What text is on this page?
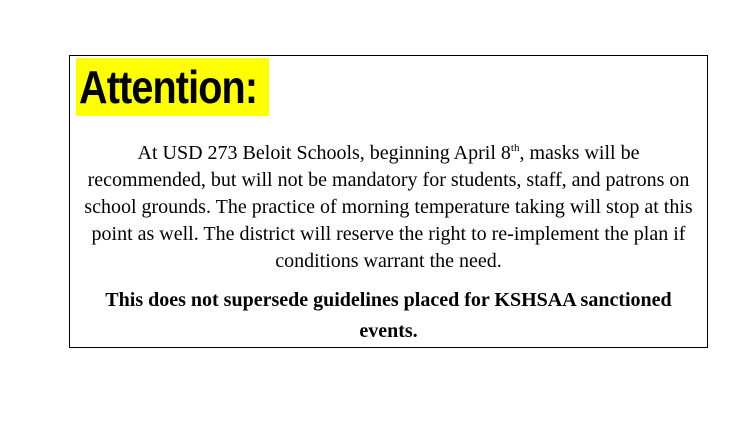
Attention:

At USD 273 Beloit Schools, beginning April 8th, masks will be recommended, but will not be mandatory for students, staff, and patrons on school grounds. The practice of morning temperature taking will stop at this point as well. The district will reserve the right to re-implement the plan if conditions warrant the need.

This does not supersede guidelines placed for KSHSAA sanctioned events.
